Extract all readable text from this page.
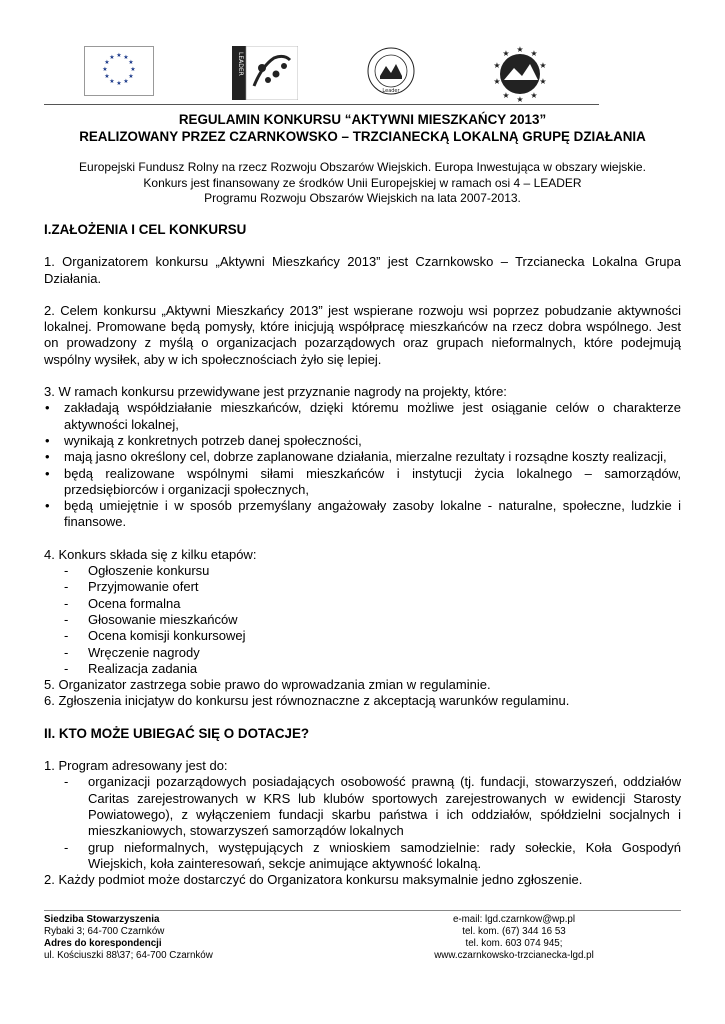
★ ★
★
★
★
★
★
★
★
★
★
★	LEADER
Leader
★ ★
★
★
★
★
★
★
★
★
REGULAMIN KONKURSU “AKTYWNI MIESZKAŃCY 2013”
REALIZOWANY PRZEZ CZARNKOWSKO – TRZCIANECKĄ LOKALNĄ GRUPĘ DZIAŁANIA
Europejski Fundusz Rolny na rzecz Rozwoju Obszarów Wiejskich. Europa Inwestująca w obszary wiejskie.
Konkurs jest finansowany ze środków Unii Europejskiej w ramach osi 4 – LEADER
Programu Rozwoju Obszarów Wiejskich na lata 2007-2013.

I.ZAŁOŻENIA I CEL KONKURSU

1. Organizatorem konkursu „Aktywni Mieszkańcy 2013” jest Czarnkowsko – Trzcianecka Lokalna Grupa Działania.

2. Celem konkursu „Aktywni Mieszkańcy 2013” jest wspierane rozwoju wsi poprzez pobudzanie aktywności lokalnej. Promowane będą pomysły, które inicjują współpracę mieszkańców na rzecz dobra wspólnego. Jest on prowadzony z myślą o organizacjach pozarządowych oraz grupach nieformalnych, które podejmują wspólny wysiłek, aby w ich społecznościach żyło się lepiej.

3. W ramach konkursu przewidywane jest przyznanie nagrody na projekty, które:

• zakładają współdziałanie mieszkańców, dzięki któremu możliwe jest osiąganie celów o charakterze aktywności lokalnej,
• wynikają z konkretnych potrzeb danej społeczności,
• mają jasno określony cel, dobrze zaplanowane działania, mierzalne rezultaty i rozsądne koszty realizacji,
• będą realizowane wspólnymi siłami mieszkańców i instytucji życia lokalnego – samorządów, przedsiębiorców i organizacji społecznych,
• będą umiejętnie i w sposób przemyślany angażowały zasoby lokalne - naturalne, społeczne, ludzkie i finansowe.

4. Konkurs składa się z kilku etapów:

- Ogłoszenie konkursu
- Przyjmowanie ofert
- Ocena formalna
- Głosowanie mieszkańców
- Ocena komisji konkursowej
- Wręczenie nagrody
- Realizacja zadania

5. Organizator zastrzega sobie prawo do wprowadzania zmian w regulaminie.

6. Zgłoszenia inicjatyw do konkursu jest równoznaczne z akceptacją warunków regulaminu.

II. KTO MOŻE UBIEGAĆ SIĘ O DOTACJE?

1. Program adresowany jest do:

- organizacji pozarządowych posiadających osobowość prawną (tj. fundacji, stowarzyszeń, oddziałów Caritas zarejestrowanych w KRS lub klubów sportowych zarejestrowanych w ewidencji Starosty Powiatowego), z wyłączeniem fundacji skarbu państwa i ich oddziałów, spółdzielni socjalnych i mieszkaniowych, stowarzyszeń samorządów lokalnych
- grup nieformalnych, występujących z wnioskiem samodzielnie: rady sołeckie, Koła Gospodyń Wiejskich, koła zainteresowań, sekcje animujące aktywność lokalną.

2. Każdy podmiot może dostarczyć do Organizatora konkursu maksymalnie jedno zgłoszenie.

Siedziba Stowarzyszenia
Rybaki 3; 64-700 Czarnków
Adres do korespondencji
ul. Kościuszki 88\37; 64-700 Czarnków
e-mail: lgd.czarnkow@wp.pl
tel. kom. (67) 344 16 53
tel. kom. 603 074 945;
www.czarnkowsko-trzcianecka-lgd.pl
